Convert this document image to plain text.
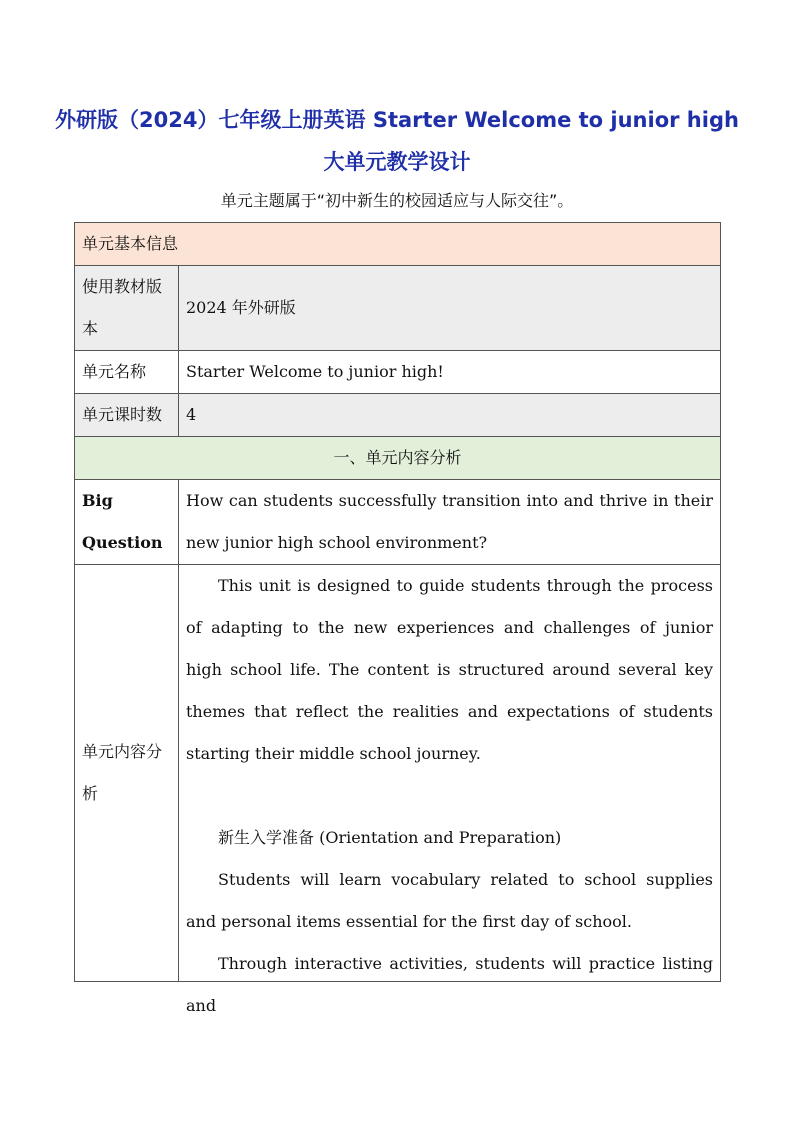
外研版（2024）七年级上册英语 Starter Welcome to junior high
大单元教学设计
单元主题属于“初中新生的校园适应与人际交往”。
单元基本信息	
使用教材版本	2024 年外研版
单元名称	Starter Welcome to junior high!
单元课时数	4
一、单元内容分析	
Big Question	How can students successfully transition into and thrive in their new junior high school environment?

单元内容分析	This unit is designed to guide students through the process of adapting to the new experiences and challenges of junior high school life. The content is structured around several key themes that reflect the realities and expectations of students starting their middle school journey.

新生入学准备 (Orientation and Preparation)

Students will learn vocabulary related to school supplies and personal items essential for the first day of school.

Through interactive activities, students will practice listing and
